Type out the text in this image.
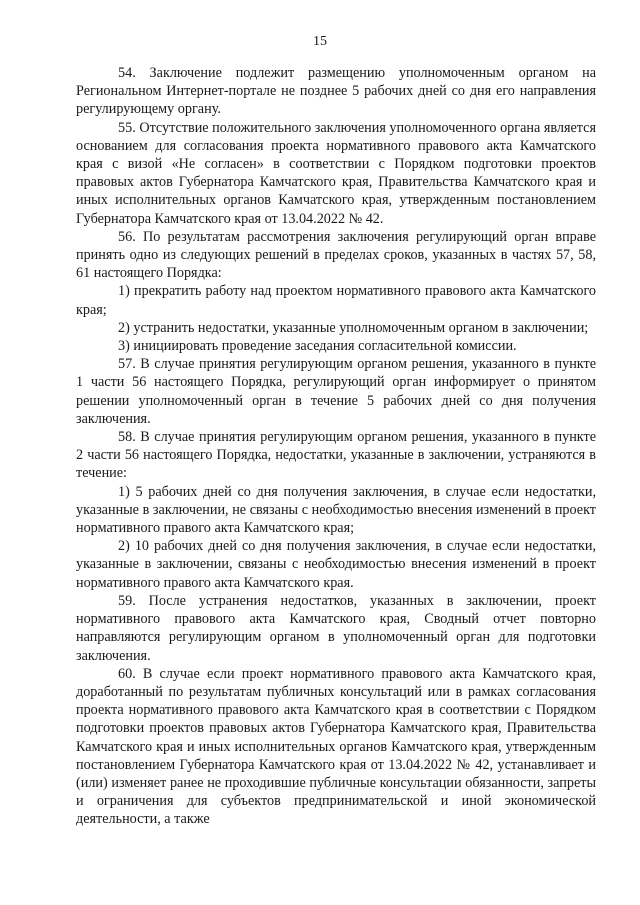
15

54. Заключение подлежит размещению уполномоченным органом на Региональном Интернет-портале не позднее 5 рабочих дней со дня его направления регулирующему органу.

55. Отсутствие положительного заключения уполномоченного органа является основанием для согласования проекта нормативного правового акта Камчатского края с визой «Не согласен» в соответствии с Порядком подготовки проектов правовых актов Губернатора Камчатского края, Правительства Камчатского края и иных исполнительных органов Камчатского края, утвержденным постановлением Губернатора Камчатского края от 13.04.2022 № 42.

56. По результатам рассмотрения заключения регулирующий орган вправе принять одно из следующих решений в пределах сроков, указанных в частях 57, 58, 61 настоящего Порядка:

1) прекратить работу над проектом нормативного правового акта Камчатского края;

2) устранить недостатки, указанные уполномоченным органом в заключении;

3) инициировать проведение заседания согласительной комиссии.

57. В случае принятия регулирующим органом решения, указанного в пункте 1 части 56 настоящего Порядка, регулирующий орган информирует о принятом решении уполномоченный орган в течение 5 рабочих дней со дня получения заключения.

58. В случае принятия регулирующим органом решения, указанного в пункте 2 части 56 настоящего Порядка, недостатки, указанные в заключении, устраняются в течение:

1) 5 рабочих дней со дня получения заключения, в случае если недостатки, указанные в заключении, не связаны с необходимостью внесения изменений в проект нормативного правого акта Камчатского края;

2) 10 рабочих дней со дня получения заключения, в случае если недостатки, указанные в заключении, связаны с необходимостью внесения изменений в проект нормативного правого акта Камчатского края.

59. После устранения недостатков, указанных в заключении, проект нормативного правового акта Камчатского края, Сводный отчет повторно направляются регулирующим органом в уполномоченный орган для подготовки заключения.

60. В случае если проект нормативного правового акта Камчатского края, доработанный по результатам публичных консультаций или в рамках согласования проекта нормативного правового акта Камчатского края в соответствии с Порядком подготовки проектов правовых актов Губернатора Камчатского края, Правительства Камчатского края и иных исполнительных органов Камчатского края, утвержденным постановлением Губернатора Камчатского края от 13.04.2022 № 42, устанавливает и (или) изменяет ранее не проходившие публичные консультации обязанности, запреты и ограничения для субъектов предпринимательской и иной экономической деятельности, а также
